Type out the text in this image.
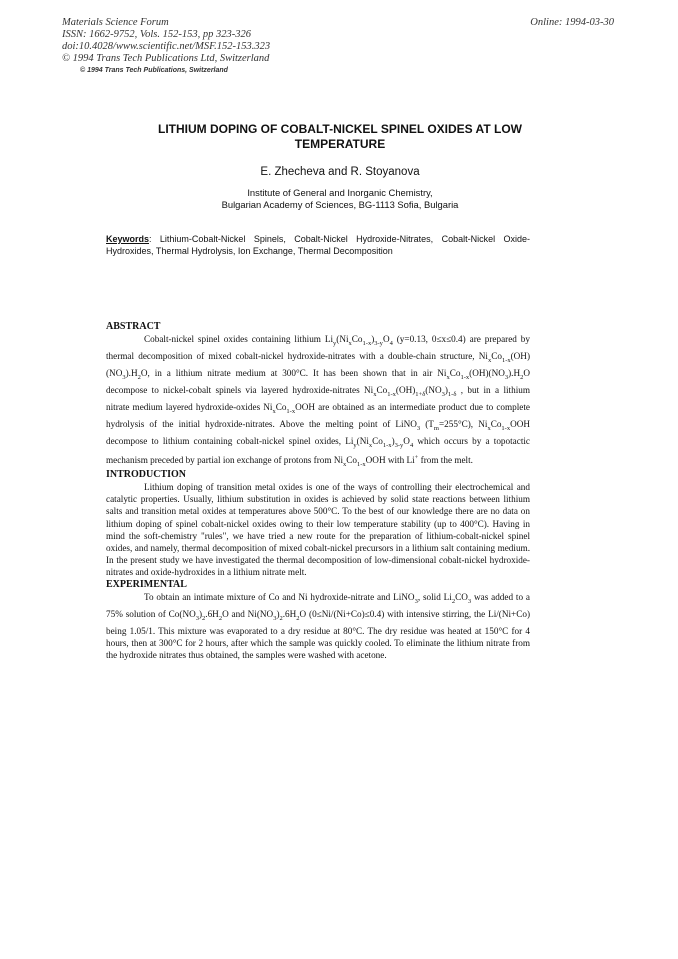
Materials Science Forum
ISSN: 1662-9752, Vols. 152-153, pp 323-326
doi:10.4028/www.scientific.net/MSF.152-153.323
© 1994 Trans Tech Publications Ltd, Switzerland
© 1994 Trans Tech Publications, Switzerland
Online: 1994-03-30
LITHIUM DOPING OF COBALT-NICKEL SPINEL OXIDES AT LOW
TEMPERATURE
E. Zhecheva and R. Stoyanova
Institute of General and Inorganic Chemistry,
Bulgarian Academy of Sciences, BG-1113 Sofia, Bulgaria
Keywords: Lithium-Cobalt-Nickel Spinels, Cobalt-Nickel Hydroxide-Nitrates, Cobalt-Nickel Oxide-Hydroxides, Thermal Hydrolysis, Ion Exchange, Thermal Decomposition
ABSTRACT

Cobalt-nickel spinel oxides containing lithium $Li_y(Ni_xCo_{1-x})_{3-y}O_4$ (y=0.13, 0≤x≤0.4) are prepared by thermal decomposition of mixed cobalt-nickel hydroxide-nitrates with a double-chain structure, $Ni_xCo_{1-x}(OH)(NO_3).H_2O$, in a lithium nitrate medium at 300°C. It has been shown that in air $Ni_xCo_{1-x}(OH)(NO_3).H_2O$ decompose to nickel-cobalt spinels via layered hydroxide-nitrates $Ni_xCo_{1-x}(OH)_{1+\delta}(NO_3)_{1-\delta}$ , but in a lithium nitrate medium layered hydroxide-oxides $Ni_xCo_{1-x}OOH$ are obtained as an intermediate product due to complete hydrolysis of the initial hydroxide-nitrates. Above the melting point of LiNO$_3$ $(T_m=255^\circ C)$, $Ni_xCo_{1-x}OOH$ decompose to lithium containing cobalt-nickel spinel oxides, $Li_y(Ni_xCo_{1-x})_{3-y}O_4$ which occurs by a topotactic mechanism preceded by partial ion exchange of protons from $Ni_xCo_{1-x}OOH$ with Li+ from the melt.

INTRODUCTION

Lithium doping of transition metal oxides is one of the ways of controlling their electrochemical and catalytic properties. Usually, lithium substitution in oxides is achieved by solid state reactions between lithium salts and transition metal oxides at temperatures above 500°C. To the best of our knowledge there are no data on lithium doping of spinel cobalt-nickel oxides owing to their low temperature stability (up to 400°C). Having in mind the soft-chemistry "rules", we have tried a new route for the preparation of lithium-cobalt-nickel spinel oxides, and namely, thermal decomposition of mixed cobalt-nickel precursors in a lithium salt containing medium. In the present study we have investigated the thermal decomposition of low-dimensional cobalt-nickel hydroxide-nitrates and oxide-hydroxides in a lithium nitrate melt.

EXPERIMENTAL

To obtain an intimate mixture of Co and Ni hydroxide-nitrate and LiNO$_3$, solid $Li_2CO_3$ was added to a 75% solution of $Co(NO_3)_2.6H_2O$ and $Ni(NO_3)_2.6H_2O$ (0≤Ni/(Ni+Co)≤0.4) with intensive stirring, the Li/(Ni+Co) being 1.05/1. This mixture was evaporated to a dry residue at 80°C. The dry residue was heated at 150°C for 4 hours, then at 300°C for 2 hours, after which the sample was quickly cooled. To eliminate the lithium nitrate from the hydroxide nitrates thus obtained, the samples were washed with acetone.
